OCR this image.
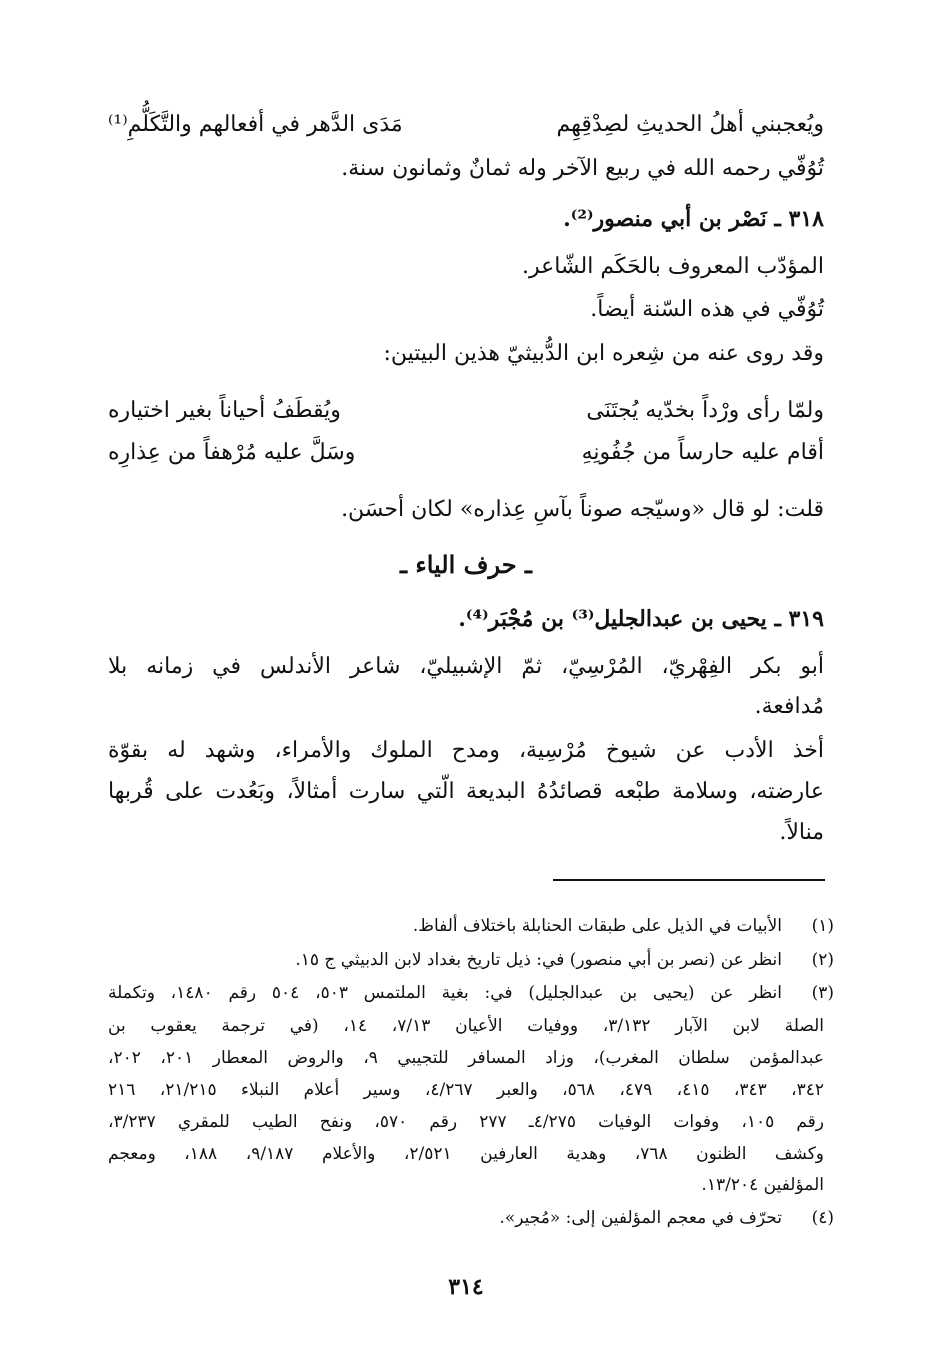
ويُعجبني أهلُ الحديثِ لصِدْقِهِم
مَدَى الدَّهر في أفعالهم والتَّكَلُّمِ⁽¹⁾
تُوُفّي رحمه الله في ربيع الآخر وله ثمانٌ وثمانون سنة.
٣١٨ ـ نَصْر بن أبي منصور⁽²⁾.
المؤدّب المعروف بالحَكَم الشّاعر.
تُوُفّي في هذه السّنة أيضاً.
وقد روى عنه من شِعره ابن الدُّبيثيّ هذين البيتين:
ولمّا رأى ورْداً بخدّيه يُجتَنَى
ويُقطَفُ أحياناً بغير اختياره
أقام عليه حارساً من جُفُونِهِ
وسَلَّ عليه مُرْهفاً من عِذارِه
قلت: لو قال «وسيّجه صوناً بآسِ عِذاره» لكان أحسَن.
ـ حرف الياء ـ
٣١٩ ـ يحيى بن عبدالجليل⁽³⁾ بن مُجْبَر⁽⁴⁾.
أبو بكر الفِهْريّ، المُرْسِيّ، ثمّ الإشبيليّ، شاعر الأندلس في زمانه بلا
مُدافعة.
أخذ الأدب عن شيوخ مُرْسِية، ومدح الملوك والأمراء، وشهد له بقوّة
عارضته، وسلامة طبْعه قصائدُهُ البديعة الّتي سارت أمثالاً، وبَعُدت على قُربها
منالاً.
(١)
الأبيات في الذيل على طبقات الحنابلة باختلاف ألفاظ.
(٢)
انظر عن (نصر بن أبي منصور) في: ذيل تاريخ بغداد لابن الدبيثي ج ١٥.
(٣)
انظر عن (يحيى بن عبدالجليل) في: بغية الملتمس ٥٠٣، ٥٠٤ رقم ١٤٨٠، وتكملة
الصلة لابن الآبار ٣/١٣٢، ووفيات الأعيان ٧/١٣، ١٤، (في ترجمة يعقوب بن
عبدالمؤمن سلطان المغرب)، وزاد المسافر للتجيبي ٩، والروض المعطار ٢٠١، ٢٠٢،
٣٤٢، ٣٤٣، ٤١٥، ٤٧٩، ٥٦٨، والعبر ٤/٢٦٧، وسير أعلام النبلاء ٢١/٢١٥، ٢١٦
رقم ١٠٥، وفوات الوفيات ٤/٢٧٥ـ ٢٧٧ رقم ٥٧٠، ونفح الطيب للمقري ٣/٢٣٧،
وكشف الظنون ٧٦٨، وهدية العارفين ٢/٥٢١، والأعلام ٩/١٨٧، ١٨٨، ومعجم
المؤلفين ١٣/٢٠٤.
(٤)
تحرّف في معجم المؤلفين إلى: «مُجير».
٣١٤
